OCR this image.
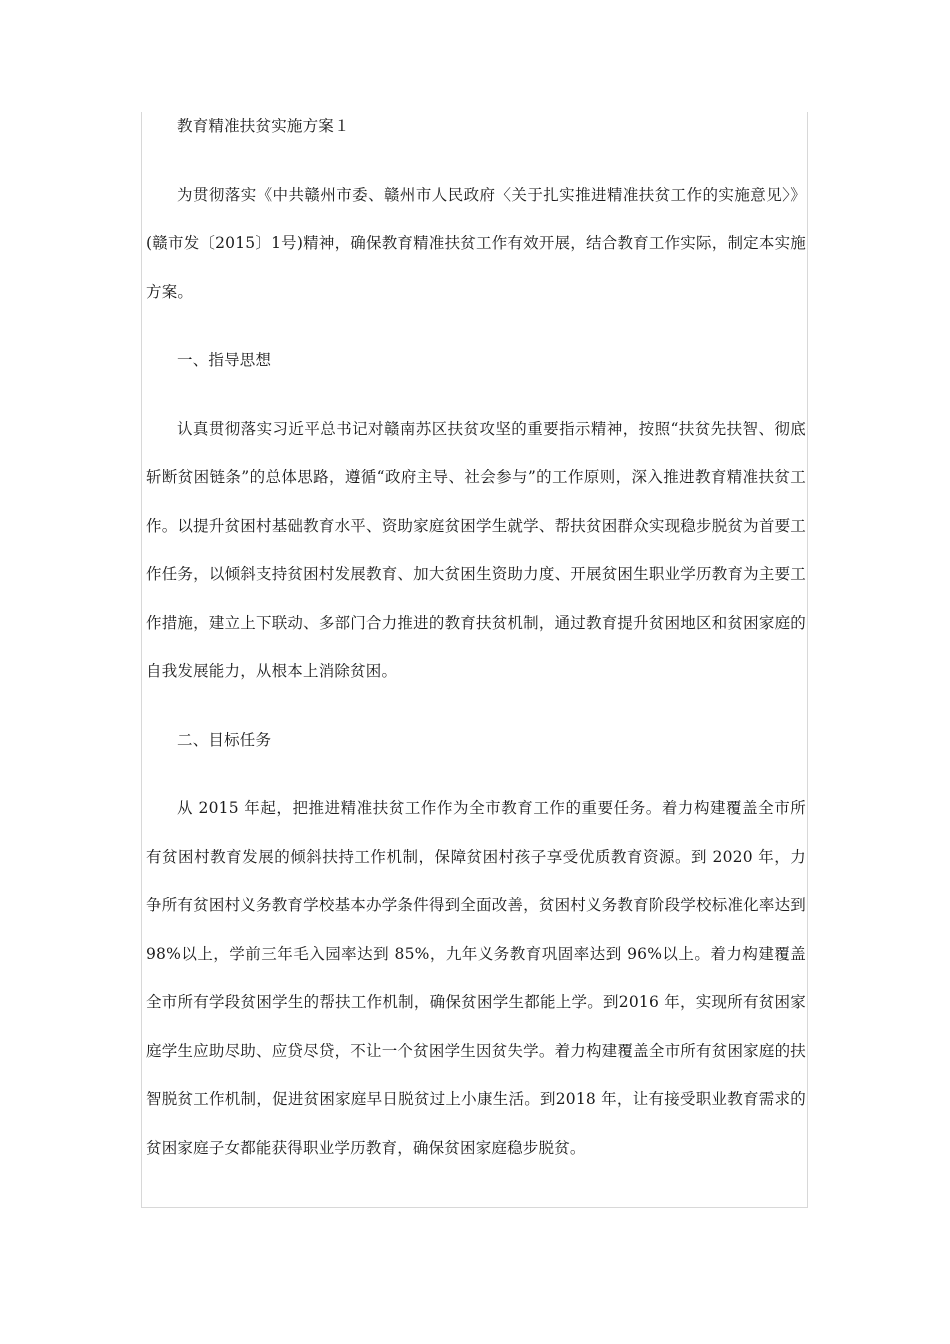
教育精准扶贫实施方案１

为贯彻落实《中共赣州市委、赣州市人民政府〈关于扎实推进精准扶贫工作的实施意见〉》(赣市发〔2015〕1号)精神，确保教育精准扶贫工作有效开展，结合教育工作实际，制定本实施方案。

一、指导思想

认真贯彻落实习近平总书记对赣南苏区扶贫攻坚的重要指示精神，按照“扶贫先扶智、彻底斩断贫困链条”的总体思路，遵循“政府主导、社会参与”的工作原则，深入推进教育精准扶贫工作。以提升贫困村基础教育水平、资助家庭贫困学生就学、帮扶贫困群众实现稳步脱贫为首要工作任务，以倾斜支持贫困村发展教育、加大贫困生资助力度、开展贫困生职业学历教育为主要工作措施，建立上下联动、多部门合力推进的教育扶贫机制，通过教育提升贫困地区和贫困家庭的自我发展能力，从根本上消除贫困。

二、目标任务

从 2015 年起，把推进精准扶贫工作作为全市教育工作的重要任务。着力构建覆盖全市所有贫困村教育发展的倾斜扶持工作机制，保障贫困村孩子享受优质教育资源。到 2020 年，力争所有贫困村义务教育学校基本办学条件得到全面改善，贫困村义务教育阶段学校标准化率达到 98%以上，学前三年毛入园率达到 85%，九年义务教育巩固率达到 96%以上。着力构建覆盖全市所有学段贫困学生的帮扶工作机制，确保贫困学生都能上学。到2016 年，实现所有贫困家庭学生应助尽助、应贷尽贷，不让一个贫困学生因贫失学。着力构建覆盖全市所有贫困家庭的扶智脱贫工作机制，促进贫困家庭早日脱贫过上小康生活。到2018 年，让有接受职业教育需求的贫困家庭子女都能获得职业学历教育，确保贫困家庭稳步脱贫。
